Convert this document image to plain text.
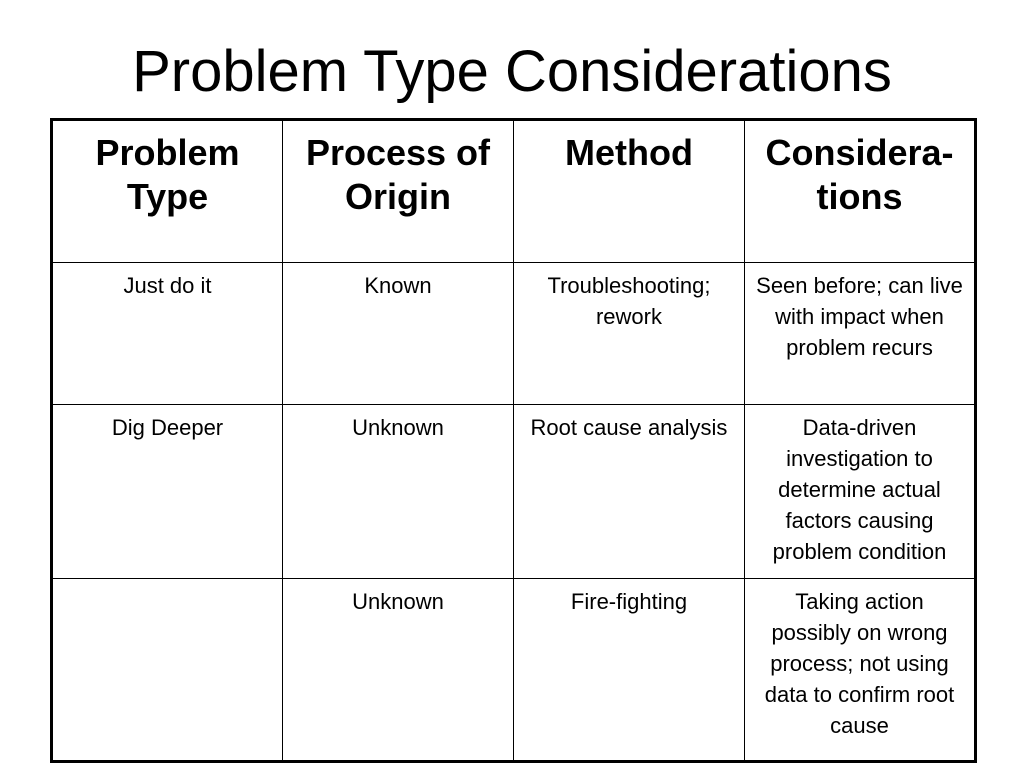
Problem Type Considerations
Problem Type	Process of Origin	Method	Considera-tions
Just do it	Known	Troubleshooting; rework	Seen before; can live with impact when problem recurs
Dig Deeper	Unknown	Root cause analysis	Data-driven investigation to determine actual factors causing problem condition
	Unknown	Fire-fighting	Taking action possibly on wrong process; not using data to confirm root cause
